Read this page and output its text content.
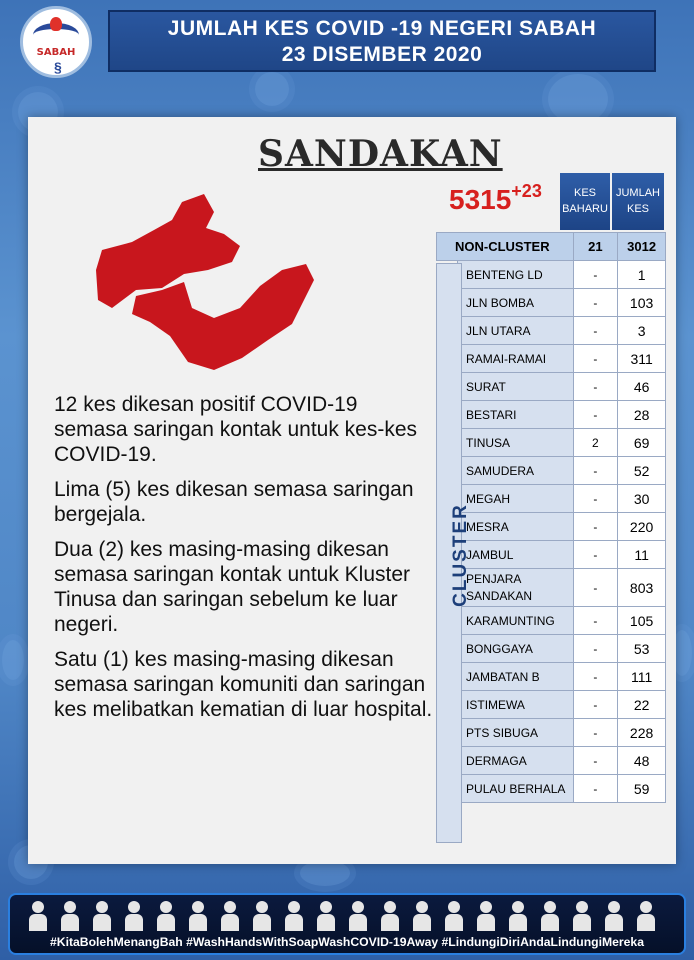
SABAH
§
JUMLAH KES COVID -19 NEGERI SABAH
23 DISEMBER 2020
SANDAKAN
$5315^{+23}$	KES
BAHARU
JUMLAH
KES

12 kes dikesan positif COVID-19 semasa saringan kontak untuk kes-kes COVID-19.

Lima (5) kes dikesan semasa saringan bergejala.

Dua (2) kes masing-masing dikesan semasa saringan kontak untuk Kluster Tinusa dan saringan sebelum ke luar negeri.

Satu (1) kes masing-masing dikesan semasa saringan komuniti dan saringan kes melibatkan kematian di luar hospital.

NON-CLUSTER		21	3012
	BENTENG LD	-	1
	JLN BOMBA	-	103
	JLN UTARA	-	3
	RAMAI-RAMAI	-	311
	SURAT	-	46
	BESTARI	-	28
	TINUSA	2	69
	SAMUDERA	-	52
	MEGAH	-	30
	MESRA	-	220
	JAMBUL	-	11
	PENJARA SANDAKAN	-	803
	KARAMUNTING	-	105
	BONGGAYA	-	53
	JAMBATAN B	-	111
	ISTIMEWA	-	22
	PTS SIBUGA	-	228
	DERMAGA	-	48
	PULAU BERHALA	-	59
CLUSTER
#KitaBolehMenangBah #WashHandsWithSoapWashCOVID-19Away #LindungiDiriAndaLindungiMereka
